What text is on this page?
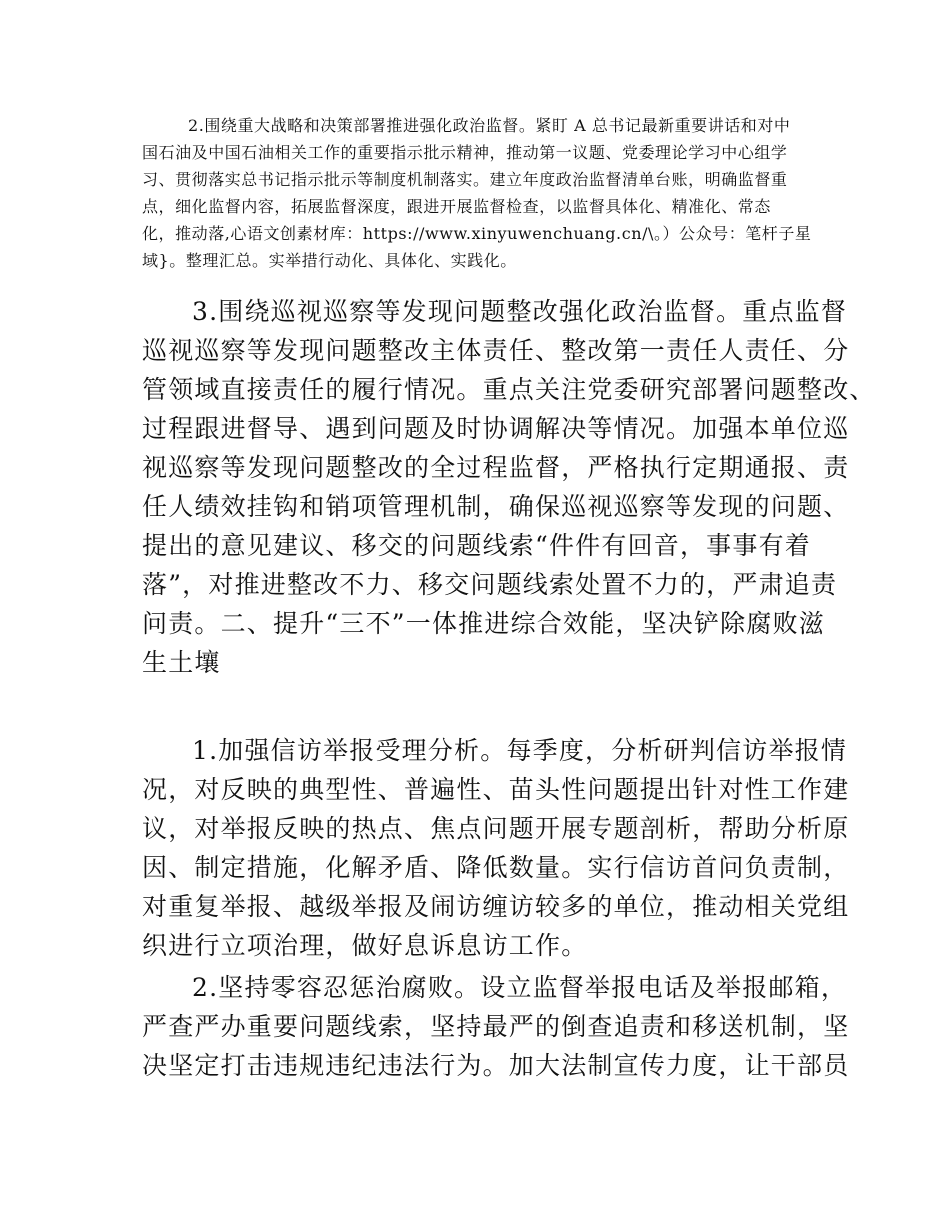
2.围绕重大战略和决策部署推进强化政治监督。紧盯 A 总书记最新重要讲话和对中
国石油及中国石油相关工作的重要指示批示精神，推动第一议题、党委理论学习中心组学
习、贯彻落实总书记指示批示等制度机制落实。建立年度政治监督清单台账，明确监督重
点，细化监督内容，拓展监督深度，跟进开展监督检查，以监督具体化、精准化、常态
化，推动落,心语文创素材库：https://www.xinyuwenchuang.cn/\。）公众号：笔杆子星
域}。整理汇总。实举措行动化、具体化、实践化。
3.围绕巡视巡察等发现问题整改强化政治监督。重点监督
巡视巡察等发现问题整改主体责任、整改第一责任人责任、分
管领域直接责任的履行情况。重点关注党委研究部署问题整改、
过程跟进督导、遇到问题及时协调解决等情况。加强本单位巡
视巡察等发现问题整改的全过程监督，严格执行定期通报、责
任人绩效挂钩和销项管理机制，确保巡视巡察等发现的问题、
提出的意见建议、移交的问题线索“件件有回音，事事有着
落”，对推进整改不力、移交问题线索处置不力的，严肃追责
问责。二、提升“三不”一体推进综合效能，坚决铲除腐败滋
生土壤
1.加强信访举报受理分析。每季度，分析研判信访举报情
况，对反映的典型性、普遍性、苗头性问题提出针对性工作建
议，对举报反映的热点、焦点问题开展专题剖析，帮助分析原
因、制定措施，化解矛盾、降低数量。实行信访首问负责制，
对重复举报、越级举报及闹访缠访较多的单位，推动相关党组
织进行立项治理，做好息诉息访工作。
2.坚持零容忍惩治腐败。设立监督举报电话及举报邮箱，
严查严办重要问题线索，坚持最严的倒查追责和移送机制，坚
决坚定打击违规违纪违法行为。加大法制宣传力度，让干部员
